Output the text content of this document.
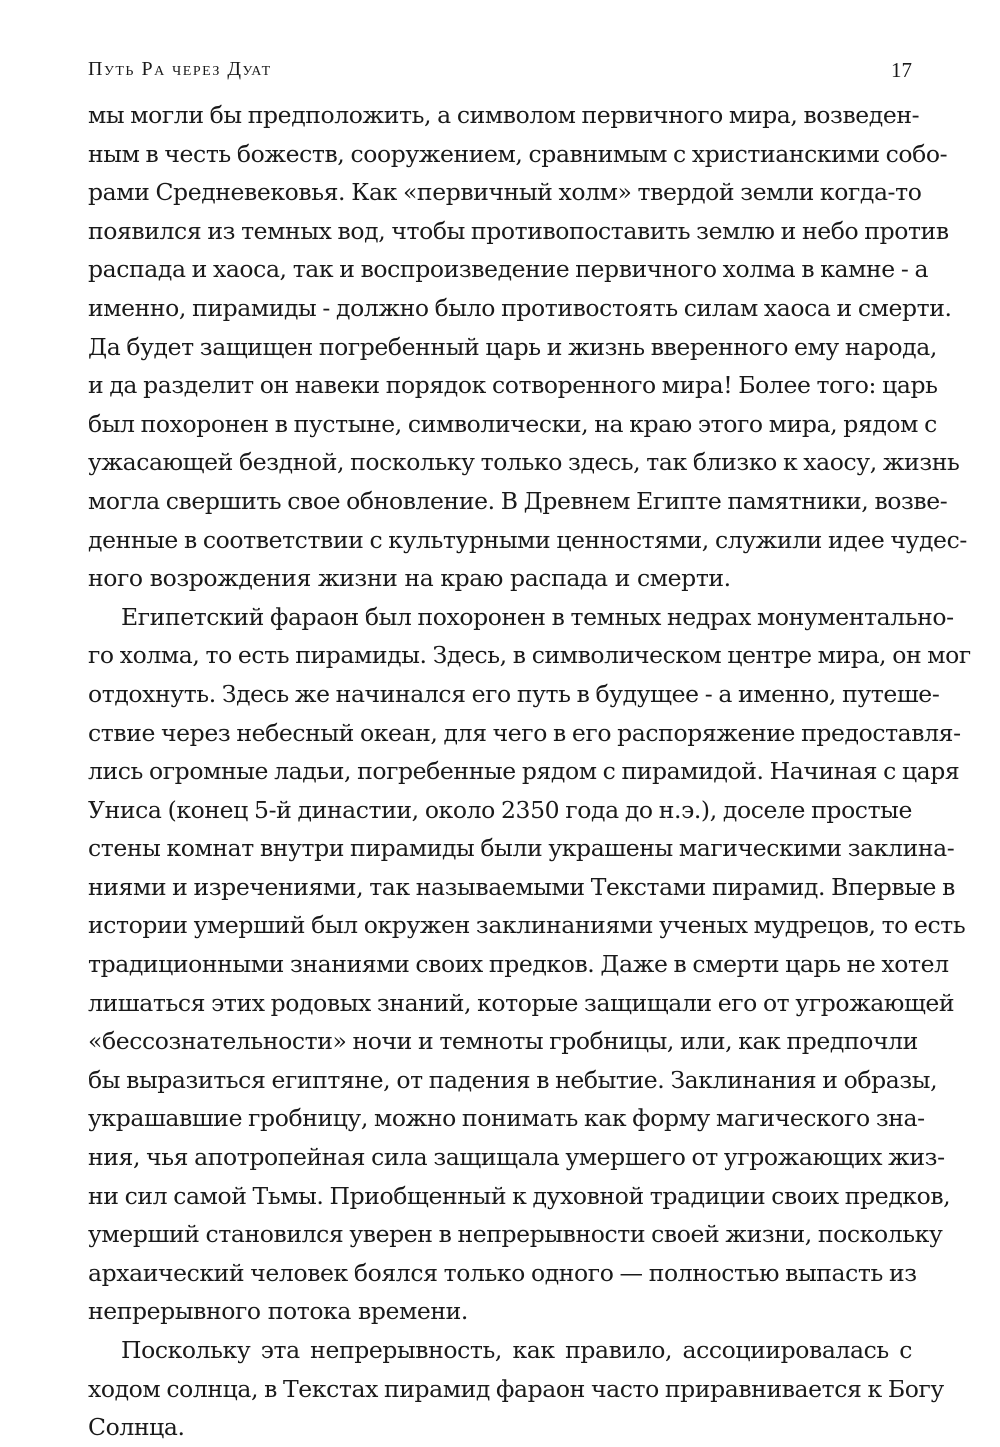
Путь Ра через Дуат	17
мы могли бы предположить, а символом первичного мира, возведен-
ным в честь божеств, сооружением, сравнимым с христианскими собо-
рами Средневековья. Как «первичный холм» твердой земли когда-то
появился из темных вод, чтобы противопоставить землю и небо против
распада и хаоса, так и воспроизведение первичного холма в камне - а
именно, пирамиды - должно было противостоять силам хаоса и смерти.
Да будет защищен погребенный царь и жизнь вверенного ему народа,
и да разделит он навеки порядок сотворенного мира! Более того: царь
был похоронен в пустыне, символически, на краю этого мира, рядом с
ужасающей бездной, поскольку только здесь, так близко к хаосу, жизнь
могла свершить свое обновление. В Древнем Египте памятники, возве-
денные в соответствии с культурными ценностями, служили идее чудес-
ного возрождения жизни на краю распада и смерти.
Египетский фараон был похоронен в темных недрах монументально-
го холма, то есть пирамиды. Здесь, в символическом центре мира, он мог
отдохнуть. Здесь же начинался его путь в будущее - а именно, путеше-
ствие через небесный океан, для чего в его распоряжение предоставля-
лись огромные ладьи, погребенные рядом с пирамидой. Начиная с царя
Униса (конец 5-й династии, около 2350 года до н.э.), доселе простые
стены комнат внутри пирамиды были украшены магическими заклина-
ниями и изречениями, так называемыми Текстами пирамид. Впервые в
истории умерший был окружен заклинаниями ученых мудрецов, то есть
традиционными знаниями своих предков. Даже в смерти царь не хотел
лишаться этих родовых знаний, которые защищали его от угрожающей
«бессознательности» ночи и темноты гробницы, или, как предпочли
бы выразиться египтяне, от падения в небытие. Заклинания и образы,
украшавшие гробницу, можно понимать как форму магического зна-
ния, чья апотропейная сила защищала умершего от угрожающих жиз-
ни сил самой Тьмы. Приобщенный к духовной традиции своих предков,
умерший становился уверен в непрерывности своей жизни, поскольку
архаический человек боялся только одного — полностью выпасть из
непрерывного потока времени.
Поскольку эта непрерывность, как правило, ассоциировалась с
ходом солнца, в Текстах пирамид фараон часто приравнивается к Богу
Солнца.
